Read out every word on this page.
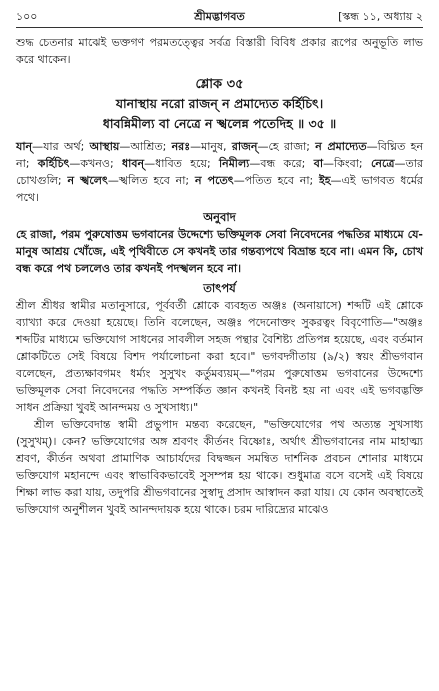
১০০	শ্রীমদ্ভাগবত	[স্কন্ধ ১১, অধ্যায় ২

শুদ্ধ চেতনার মাঝেই ভক্তগণ পরমতত্ত্বের সর্বত্র বিস্তারী বিবিধ প্রকার রূপের অনুভূতি লাভ করে থাকেন।

শ্লোক ৩৫
যানাস্থায় নরো রাজন্ ন প্রমাদ্যেত কর্হিচিৎ।
ধাবন্নিমীল্য বা নেত্রে ন স্খলেন্ন পতেদিহ ॥ ৩৫ ॥

যান্—যার অর্থ; আস্থায়—আশ্রিত; নরঃ—মানুষ, রাজন্—হে রাজা; ন প্রমাদ্যেত—বিঘ্নিত হন না; কর্হিচিৎ—কখনও; ধাবন্—ধাবিত হয়ে; নিমীল্য—বন্ধ করে; বা—কিংবা; নেত্রে—তার চোখগুলি; ন স্খলেৎ—স্খলিত হবে না; ন পতেৎ—পতিত হবে না; ইহ—এই ভাগবত ধর্মের পথে।

অনুবাদ

হে রাজা, পরম পুরুষোত্তম ভগবানের উদ্দেশ্যে ভক্তিমূলক সেবা নিবেদনের পদ্ধতির মাধ্যমে যে-মানুষ আশ্রয় খোঁজে, এই পৃথিবীতে সে কখনই তার গন্তব্যপথে বিভ্রান্ত হবে না। এমন কি, চোখ বন্ধ করে পথ চললেও তার কখনই পদস্খলন হবে না।

তাৎপর্য

শ্রীল শ্রীধর স্বামীর মতানুসারে, পূর্ববর্তী শ্লোকে ব্যবহৃত অঞ্জঃ (অনায়াসে) শব্দটি এই শ্লোকে ব্যাখ্যা করে দেওয়া হয়েছে। তিনি বলেছেন, অঞ্জঃ পদেনোক্তং সুকরত্বং বিবৃণোতি—"অঞ্জঃ শব্দটির মাধ্যমে ভক্তিযোগ সাধনের সাবলীল সহজ পন্থার বৈশিষ্ট্য প্রতিপন্ন হয়েছে, এবং বর্তমান শ্লোকটিতে সেই বিষয়ে বিশদ পর্যালোচনা করা হবে।" ভগবদ্গীতায় (৯/২) স্বয়ং শ্রীভগবান বলেছেন, প্রত্যক্ষাবগমং ধর্ম্যং সুসুখং কর্তুমব্যয়ম্—"পরম পুরুষোত্তম ভগবানের উদ্দেশ্যে ভক্তিমূলক সেবা নিবেদনের পদ্ধতি সম্পর্কিত জ্ঞান কখনই বিনষ্ট হয় না এবং এই ভগবদ্ভক্তি সাধন প্রক্রিয়া খুবই আনন্দময় ও সুখসাধ্য।"

শ্রীল ভক্তিবেদান্ত স্বামী প্রভুপাদ মন্তব্য করেছেন, "ভক্তিযোগের পথ অত্যন্ত সুখসাধ্য (সুসুখম্)। কেন? ভক্তিযোগের অঙ্গ শ্রবণং কীর্তনং বিষ্ণোঃ, অর্থাৎ শ্রীভগবানের নাম মাহাত্ম্য শ্রবণ, কীর্তন অথবা প্রামাণিক আচার্যদের বিদ্বজ্জন সমন্বিত দার্শনিক প্রবচন শোনার মাধ্যমে ভক্তিযোগ মহানন্দে এবং স্বাভাবিকভাবেই সুসম্পন্ন হয় থাকে। শুধুমাত্র বসে বসেই এই বিষয়ে শিক্ষা লাভ করা যায়, তদুপরি শ্রীভগবানের সুস্বাদু প্রসাদ আস্বাদন করা যায়। যে কোন অবস্থাতেই ভক্তিযোগ অনুশীলন খুবই আনন্দদায়ক হয়ে থাকে। চরম দারিদ্র্যের মাঝেও
